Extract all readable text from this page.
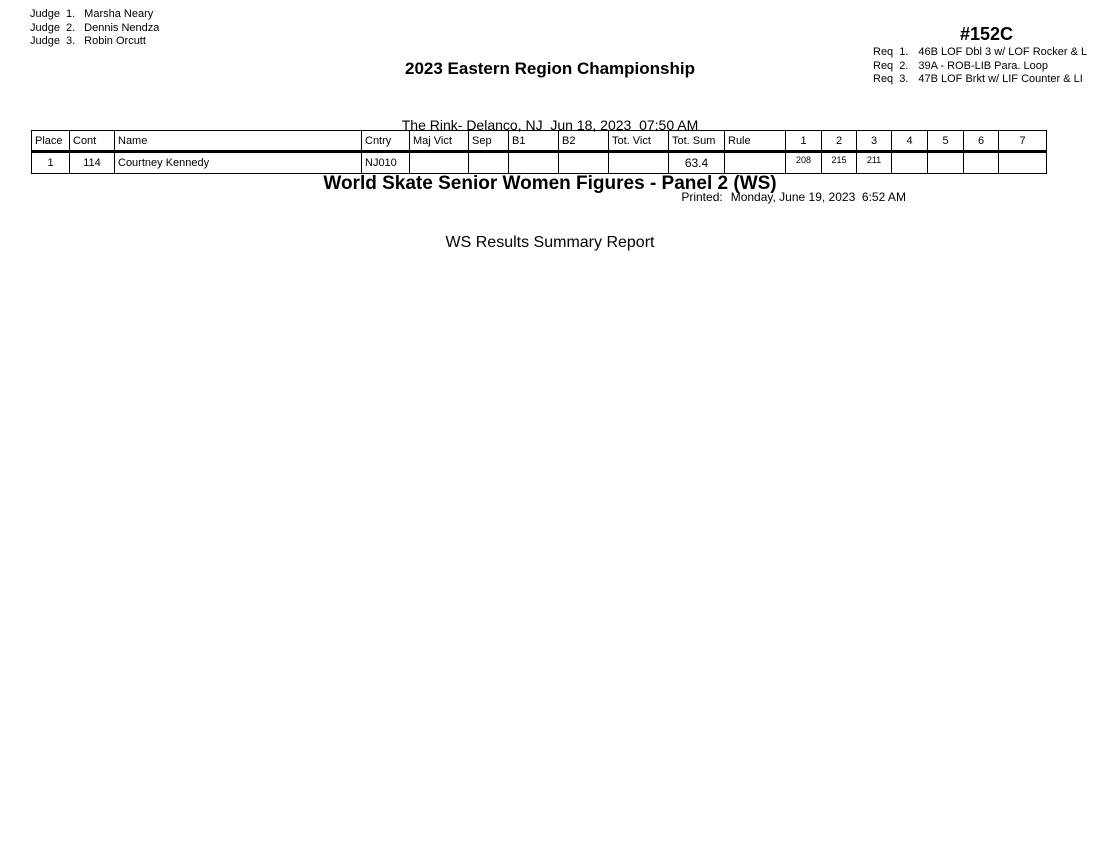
Judge 1. Marsha Neary
Judge 2. Dennis Nendza
Judge 3. Robin Orcutt

2023 Eastern Region Championship

The Rink- Delanco, NJ  Jun 18, 2023  07:50 AM

World Skate Senior Women Figures - Panel 2 (WS)

WS Results Summary Report

#152C
Req 1. 46B LOF Dbl 3 w/ LOF Rocker & L
Req 2. 39A - ROB-LIB Para. Loop
Req 3. 47B LOF Brkt w/ LIF Counter & LI
Place	Cont	Name	Cntry	Maj Vict	Sep	B1	B2	Tot. Vict	Tot. Sum	Rule	1	2	3	4	5	6	7
1	114	Courtney Kennedy	NJ010						63.4		208	215	211				

Printed: Monday, June 19, 2023  6:52 AM
